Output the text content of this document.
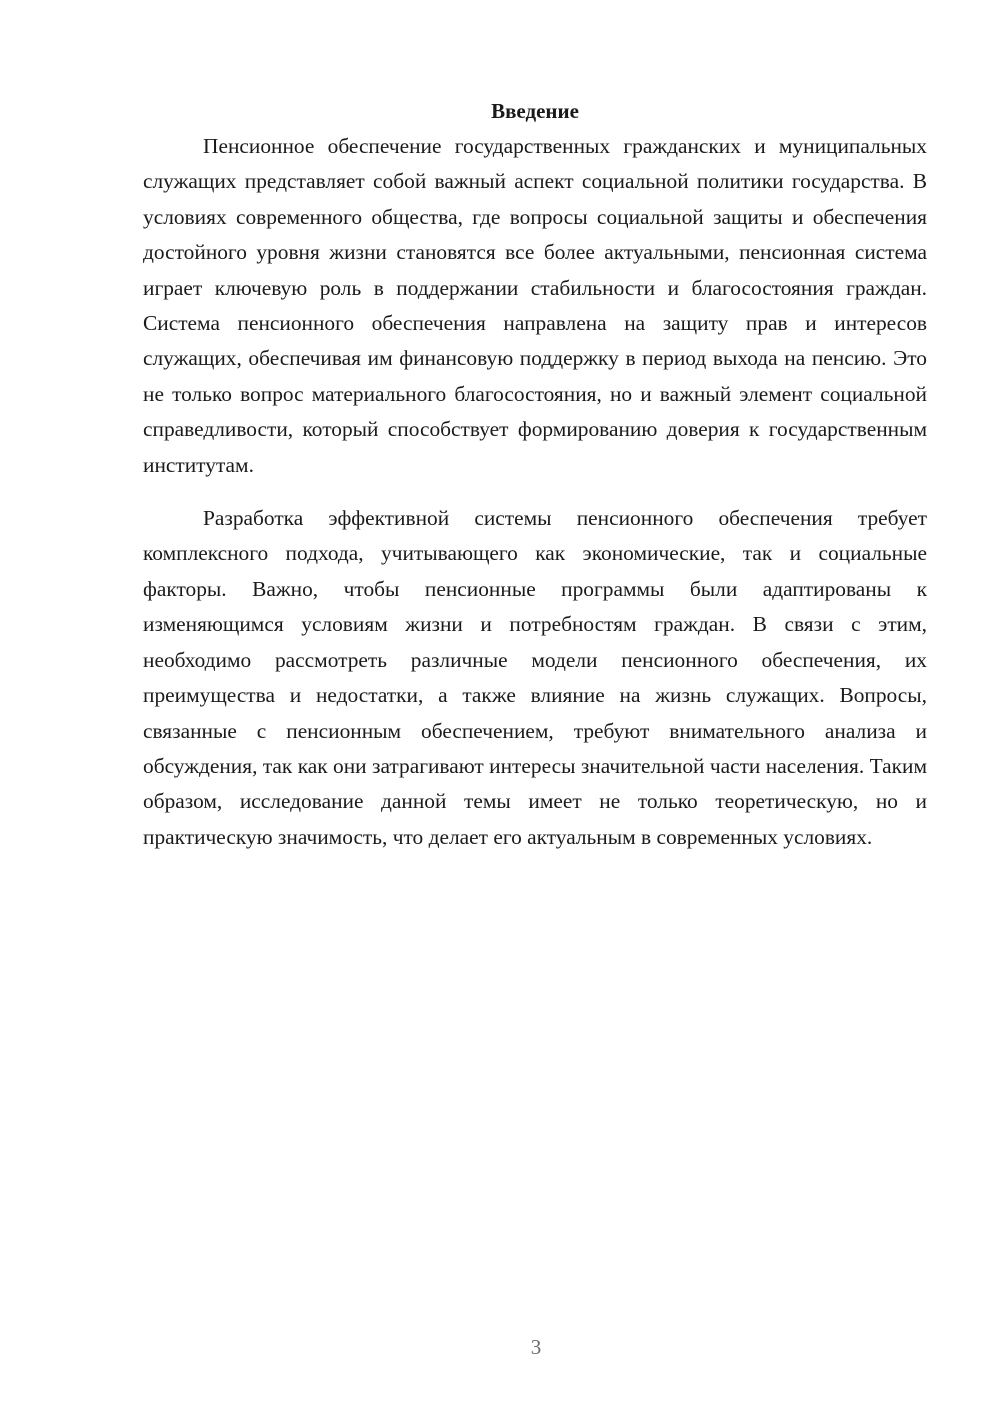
Введение

Пенсионное обеспечение государственных гражданских и муниципальных служащих представляет собой важный аспект социальной политики государства. В условиях современного общества, где вопросы социальной защиты и обеспечения достойного уровня жизни становятся все более актуальными, пенсионная система играет ключевую роль в поддержании стабильности и благосостояния граждан. Система пенсионного обеспечения направлена на защиту прав и интересов служащих, обеспечивая им финансовую поддержку в период выхода на пенсию. Это не только вопрос материального благосостояния, но и важный элемент социальной справедливости, который способствует формированию доверия к государственным институтам.

Разработка эффективной системы пенсионного обеспечения требует комплексного подхода, учитывающего как экономические, так и социальные факторы. Важно, чтобы пенсионные программы были адаптированы к изменяющимся условиям жизни и потребностям граждан. В связи с этим, необходимо рассмотреть различные модели пенсионного обеспечения, их преимущества и недостатки, а также влияние на жизнь служащих. Вопросы, связанные с пенсионным обеспечением, требуют внимательного анализа и обсуждения, так как они затрагивают интересы значительной части населения. Таким образом, исследование данной темы имеет не только теоретическую, но и практическую значимость, что делает его актуальным в современных условиях.

3
